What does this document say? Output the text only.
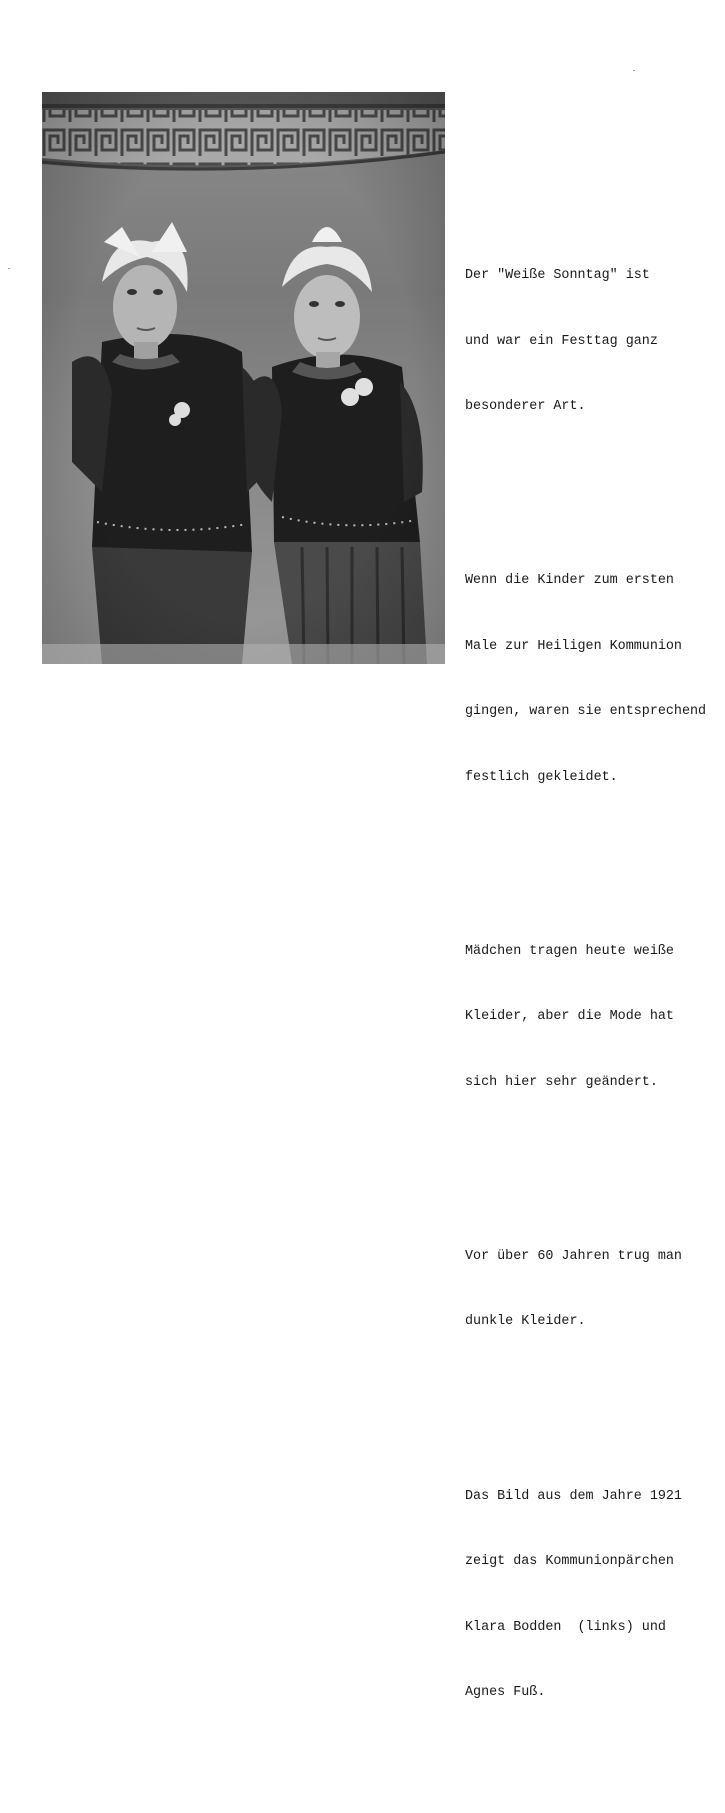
Der "Weiße Sonntag" ist

und war ein Festtag ganz

besonderer Art.

Wenn die Kinder zum ersten

Male zur Heiligen Kommunion

gingen, waren sie entsprechend

festlich gekleidet.

Mädchen tragen heute weiße

Kleider, aber die Mode hat

sich hier sehr geändert.

Vor über 60 Jahren trug man

dunkle Kleider.

Das Bild aus dem Jahre 1921

zeigt das Kommunionpärchen

Klara Bodden  (links) und

Agnes Fuß.
